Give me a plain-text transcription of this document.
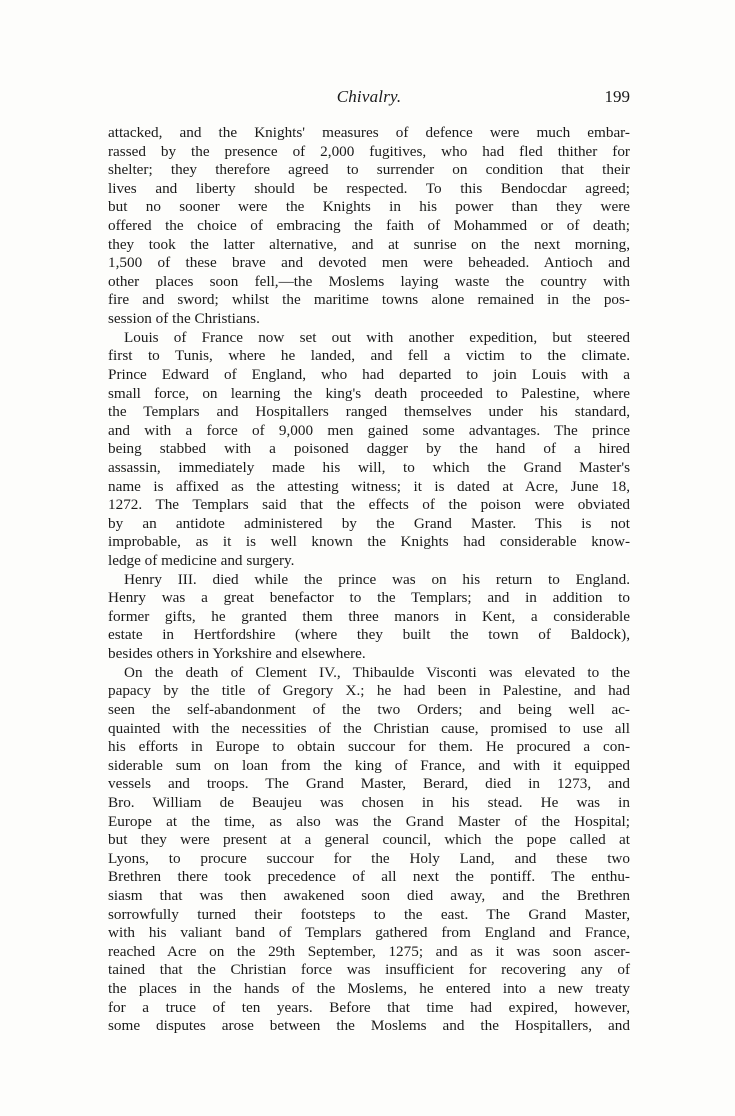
Chivalry.	199
attacked, and the Knights' measures of defence were much embar-
rassed by the presence of 2,000 fugitives, who had fled thither for
shelter; they therefore agreed to surrender on condition that their
lives and liberty should be respected. To this Bendocdar agreed;
but no sooner were the Knights in his power than they were
offered the choice of embracing the faith of Mohammed or of death;
they took the latter alternative, and at sunrise on the next morning,
1,500 of these brave and devoted men were beheaded. Antioch and
other places soon fell,—the Moslems laying waste the country with
fire and sword; whilst the maritime towns alone remained in the pos-
session of the Christians.
Louis of France now set out with another expedition, but steered
first to Tunis, where he landed, and fell a victim to the climate.
Prince Edward of England, who had departed to join Louis with a
small force, on learning the king's death proceeded to Palestine, where
the Templars and Hospitallers ranged themselves under his standard,
and with a force of 9,000 men gained some advantages. The prince
being stabbed with a poisoned dagger by the hand of a hired
assassin, immediately made his will, to which the Grand Master's
name is affixed as the attesting witness; it is dated at Acre, June 18,
1272. The Templars said that the effects of the poison were obviated
by an antidote administered by the Grand Master. This is not
improbable, as it is well known the Knights had considerable know-
ledge of medicine and surgery.
Henry III. died while the prince was on his return to England.
Henry was a great benefactor to the Templars; and in addition to
former gifts, he granted them three manors in Kent, a considerable
estate in Hertfordshire (where they built the town of Baldock),
besides others in Yorkshire and elsewhere.
On the death of Clement IV., Thibaulde Visconti was elevated to the
papacy by the title of Gregory X.; he had been in Palestine, and had
seen the self-abandonment of the two Orders; and being well ac-
quainted with the necessities of the Christian cause, promised to use all
his efforts in Europe to obtain succour for them. He procured a con-
siderable sum on loan from the king of France, and with it equipped
vessels and troops. The Grand Master, Berard, died in 1273, and
Bro. William de Beaujeu was chosen in his stead. He was in
Europe at the time, as also was the Grand Master of the Hospital;
but they were present at a general council, which the pope called at
Lyons, to procure succour for the Holy Land, and these two
Brethren there took precedence of all next the pontiff. The enthu-
siasm that was then awakened soon died away, and the Brethren
sorrowfully turned their footsteps to the east. The Grand Master,
with his valiant band of Templars gathered from England and France,
reached Acre on the 29th September, 1275; and as it was soon ascer-
tained that the Christian force was insufficient for recovering any of
the places in the hands of the Moslems, he entered into a new treaty
for a truce of ten years. Before that time had expired, however,
some disputes arose between the Moslems and the Hospitallers, and
